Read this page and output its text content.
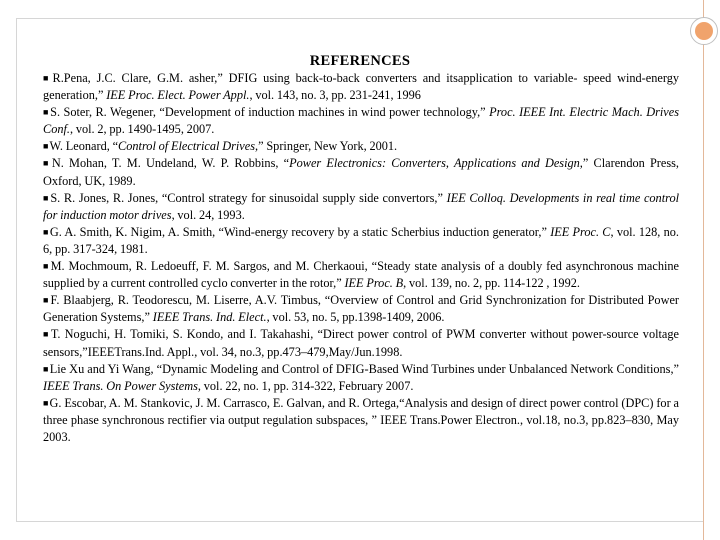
REFERENCES

■R.Pena, J.C. Clare, G.M. asher,” DFIG using back-to-back converters and itsapplication to variable- speed wind-energy generation,” IEE Proc. Elect. Power Appl., vol. 143, no. 3, pp. 231-241, 1996

■S. Soter, R. Wegener, “Development of induction machines in wind power technology,” Proc. IEEE Int. Electric Mach. Drives Conf., vol. 2, pp. 1490-1495, 2007.

■W. Leonard, “Control of Electrical Drives,” Springer, New York, 2001.

■N. Mohan, T. M. Undeland, W. P. Robbins, “Power Electronics: Converters, Applications and Design,” Clarendon Press, Oxford, UK, 1989.

■S. R. Jones, R. Jones, “Control strategy for sinusoidal supply side convertors,” IEE Colloq. Developments in real time control for induction motor drives, vol. 24, 1993.

■G. A. Smith, K. Nigim, A. Smith, “Wind-energy recovery by a static Scherbius induction generator,” IEE Proc. C, vol. 128, no. 6, pp. 317-324, 1981.

■M. Mochmoum, R. Ledoeuff, F. M. Sargos, and M. Cherkaoui, “Steady state analysis of a doubly fed asynchronous machine supplied by a current controlled cyclo converter in the rotor,” IEE Proc. B, vol. 139, no. 2, pp. 114-122 , 1992.

■F. Blaabjerg, R. Teodorescu, M. Liserre, A.V. Timbus, “Overview of Control and Grid Synchronization for Distributed Power Generation Systems,” IEEE Trans. Ind. Elect., vol. 53, no. 5, pp.1398-1409, 2006.

■T. Noguchi, H. Tomiki, S. Kondo, and I. Takahashi, “Direct power control of PWM converter without power-source voltage sensors,”IEEETrans.Ind. Appl., vol. 34, no.3, pp.473–479,May/Jun.1998.

■Lie Xu and Yi Wang, “Dynamic Modeling and Control of DFIG-Based Wind Turbines under Unbalanced Network Conditions,” IEEE Trans. On Power Systems, vol. 22, no. 1, pp. 314-322, February 2007.

■G. Escobar, A. M. Stankovic, J. M. Carrasco, E. Galvan, and R. Ortega,“Analysis and design of direct power control (DPC) for a three phase synchronous rectifier via output regulation subspaces, ” IEEE Trans.Power Electron., vol.18, no.3, pp.823–830, May 2003.
